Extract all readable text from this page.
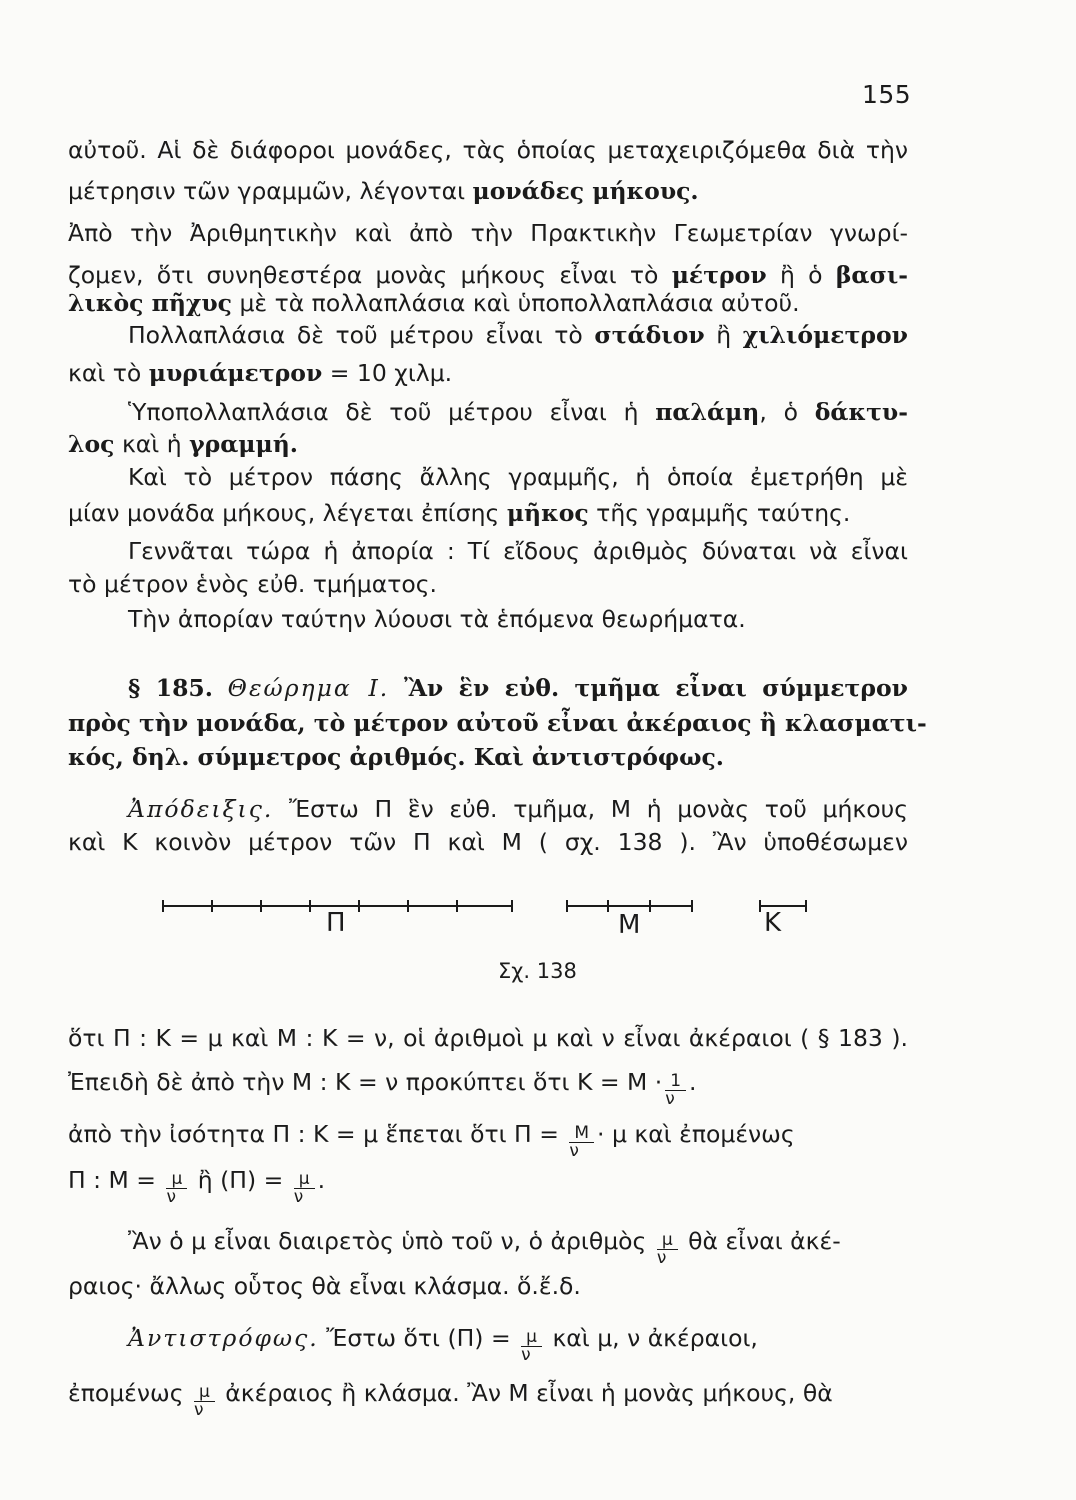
155
αὐτοῦ. Αἱ δὲ διάφοροι μονάδες, τὰς ὁποίας μεταχειριζόμεθα διὰ τὴν
μέτρησιν τῶν γραμμῶν, λέγονται μονάδες μήκους.
Ἀπὸ τὴν Ἀριθμητικὴν καὶ ἀπὸ τὴν Πρακτικὴν Γεωμετρίαν γνωρί-
ζομεν, ὅτι συνηθεστέρα μονὰς μήκους εἶναι τὸ μέτρον ἢ ὁ βασι-
λικὸς πῆχυς μὲ τὰ πολλαπλάσια καὶ ὑποπολλαπλάσια αὐτοῦ.
Πολλαπλάσια δὲ τοῦ μέτρου εἶναι τὸ στάδιον ἢ χιλιόμετρον
καὶ τὸ μυριάμετρον = 10 χιλμ.
Ὑποπολλαπλάσια δὲ τοῦ μέτρου εἶναι ἡ παλάμη, ὁ δάκτυ-
λος καὶ ἡ γραμμή.
Καὶ τὸ μέτρον πάσης ἄλλης γραμμῆς, ἡ ὁποία ἐμετρήθη μὲ
μίαν μονάδα μήκους, λέγεται ἐπίσης μῆκος τῆς γραμμῆς ταύτης.
Γεννᾶται τώρα ἡ ἀπορία : Τί εἴδους ἀριθμὸς δύναται νὰ εἶναι
τὸ μέτρον ἑνὸς εὐθ. τμήματος.
Τὴν ἀπορίαν ταύτην λύουσι τὰ ἑπόμενα θεωρήματα.
§ 185. Θεώρημα I. Ἂν ἓν εὐθ. τμῆμα εἶναι σύμμετρον
πρὸς τὴν μονάδα, τὸ μέτρον αὐτοῦ εἶναι ἀκέραιος ἢ κλασματι-
κός, δηλ. σύμμετρος ἀριθμός. Καὶ ἀντιστρόφως.
Ἀπόδειξις. Ἔστω Π ἓν εὐθ. τμῆμα, Μ ἡ μονὰς τοῦ μήκους
καὶ Κ κοινὸν μέτρον τῶν Π καὶ Μ ( σχ. 138 ). Ἂν ὑποθέσωμεν
Π	Μ	Κ
Σχ. 138
ὅτι Π : Κ = μ καὶ Μ : Κ = ν, οἱ ἀριθμοὶ μ καὶ ν εἶναι ἀκέραιοι ( § 183 ).
Ἐπειδὴ δὲ ἀπὸ τὴν Μ : Κ = ν προκύπτει ὅτι $K = M \cdot \frac{1}{\nu}$ .
ἀπὸ τὴν ἰσότητα Π : Κ = μ ἕπεται ὅτι $\Pi = \frac{M}{\nu} \cdot \mu$ καὶ ἐπομένως
Π : $M = \frac{\mu}{\nu}$ ἢ $(\Pi) = \frac{\mu}{\nu}$ .
Ἂν ὁ μ εἶναι διαιρετὸς ὑπὸ τοῦ ν, ὁ ἀριθμὸς $\frac{\mu}{\nu}$ θὰ εἶναι ἀκέ-
ραιος· ἄλλως οὗτος θὰ εἶναι κλάσμα. ὅ.ἔ.δ.
Ἀντιστρόφως. Ἔστω ὅτι $(\Pi) = \frac{\mu}{\nu}$ καὶ μ, ν ἀκέραιοι,
ἐπομένως $\frac{\mu}{\nu}$ ἀκέραιος ἢ κλάσμα. Ἂν Μ εἶναι ἡ μονὰς μήκους, θὰ
